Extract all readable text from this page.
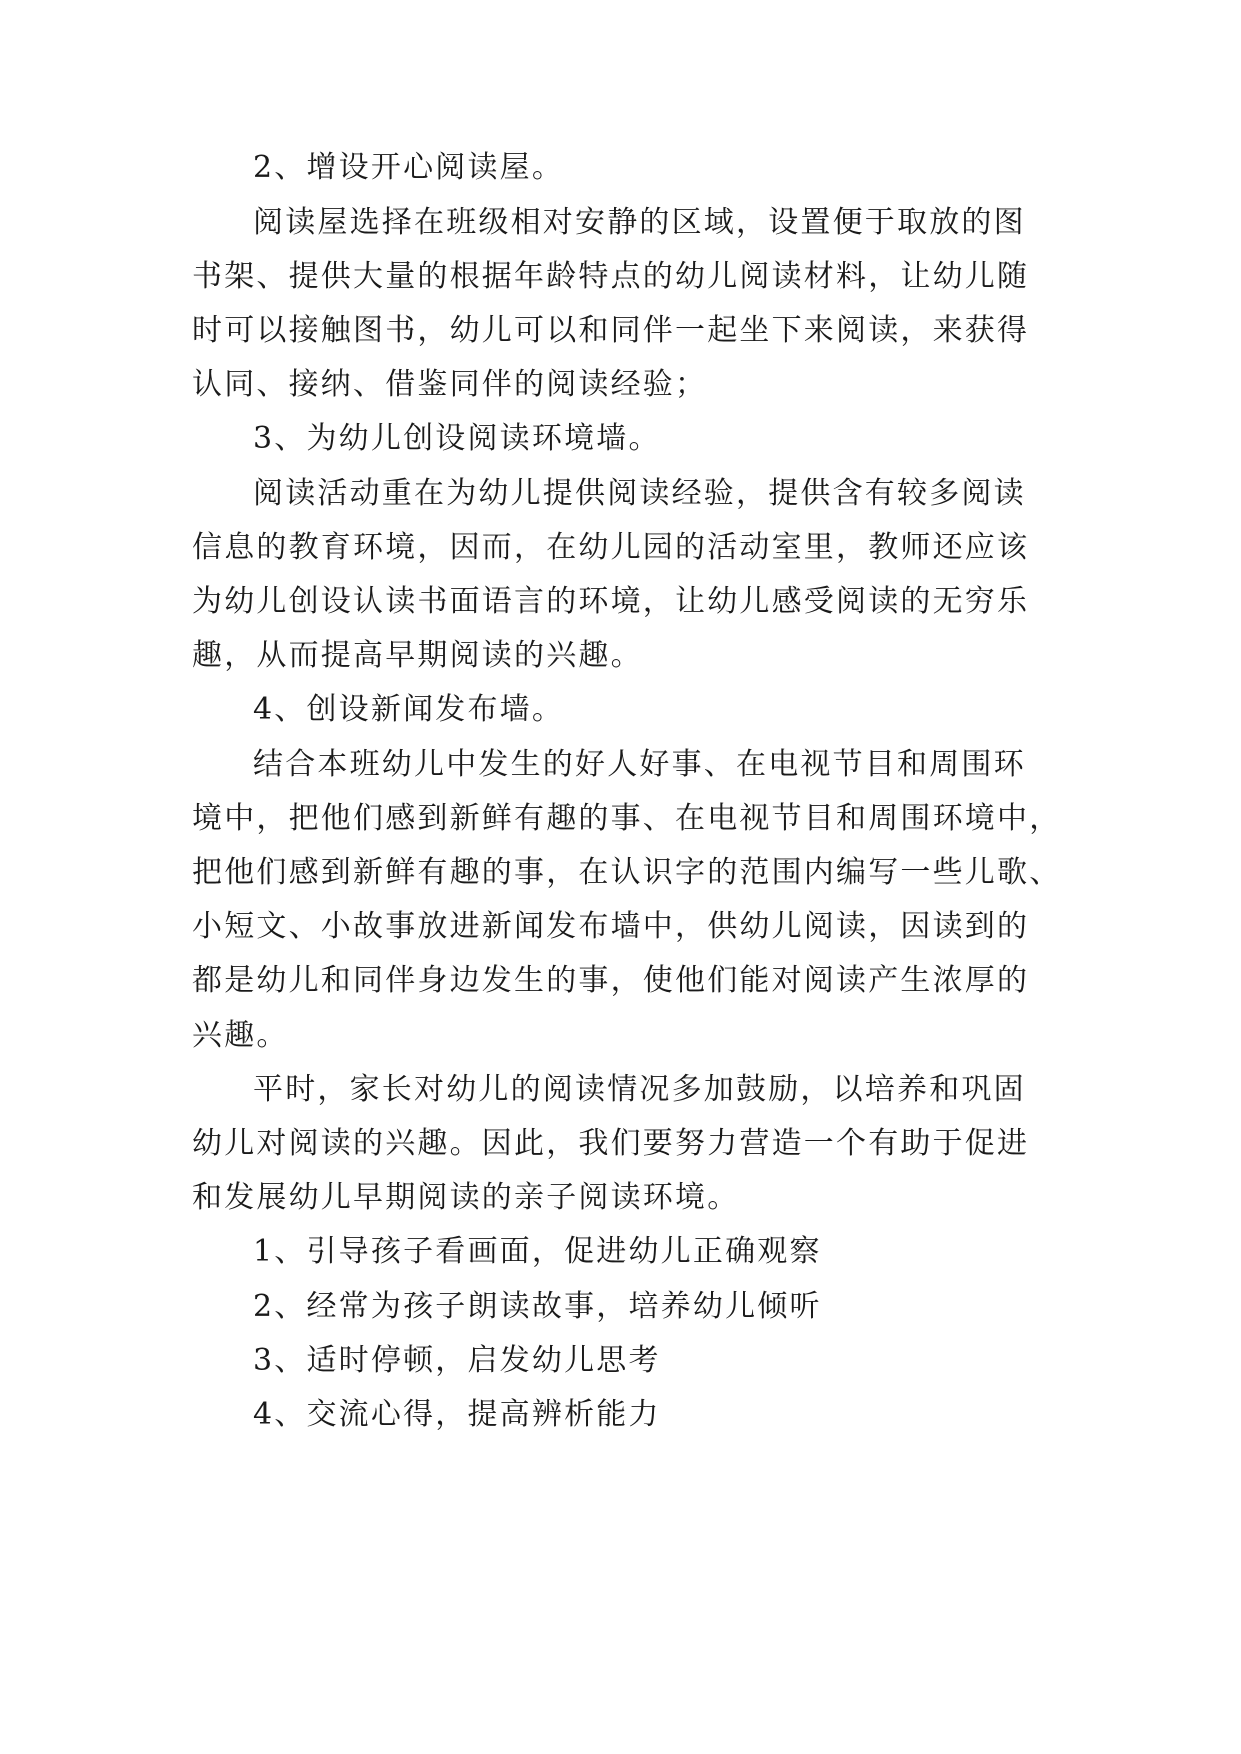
2、增设开心阅读屋。
阅读屋选择在班级相对安静的区域，设置便于取放的图
书架、提供大量的根据年龄特点的幼儿阅读材料，让幼儿随
时可以接触图书，幼儿可以和同伴一起坐下来阅读，来获得
认同、接纳、借鉴同伴的阅读经验；
3、为幼儿创设阅读环境墙。
阅读活动重在为幼儿提供阅读经验，提供含有较多阅读
信息的教育环境，因而，在幼儿园的活动室里，教师还应该
为幼儿创设认读书面语言的环境，让幼儿感受阅读的无穷乐
趣，从而提高早期阅读的兴趣。
4、创设新闻发布墙。
结合本班幼儿中发生的好人好事、在电视节目和周围环
境中，把他们感到新鲜有趣的事、在电视节目和周围环境中，
把他们感到新鲜有趣的事，在认识字的范围内编写一些儿歌、
小短文、小故事放进新闻发布墙中，供幼儿阅读，因读到的
都是幼儿和同伴身边发生的事，使他们能对阅读产生浓厚的
兴趣。
平时，家长对幼儿的阅读情况多加鼓励，以培养和巩固
幼儿对阅读的兴趣。因此，我们要努力营造一个有助于促进
和发展幼儿早期阅读的亲子阅读环境。
1、引导孩子看画面，促进幼儿正确观察
2、经常为孩子朗读故事，培养幼儿倾听
3、适时停顿，启发幼儿思考
4、交流心得，提高辨析能力
